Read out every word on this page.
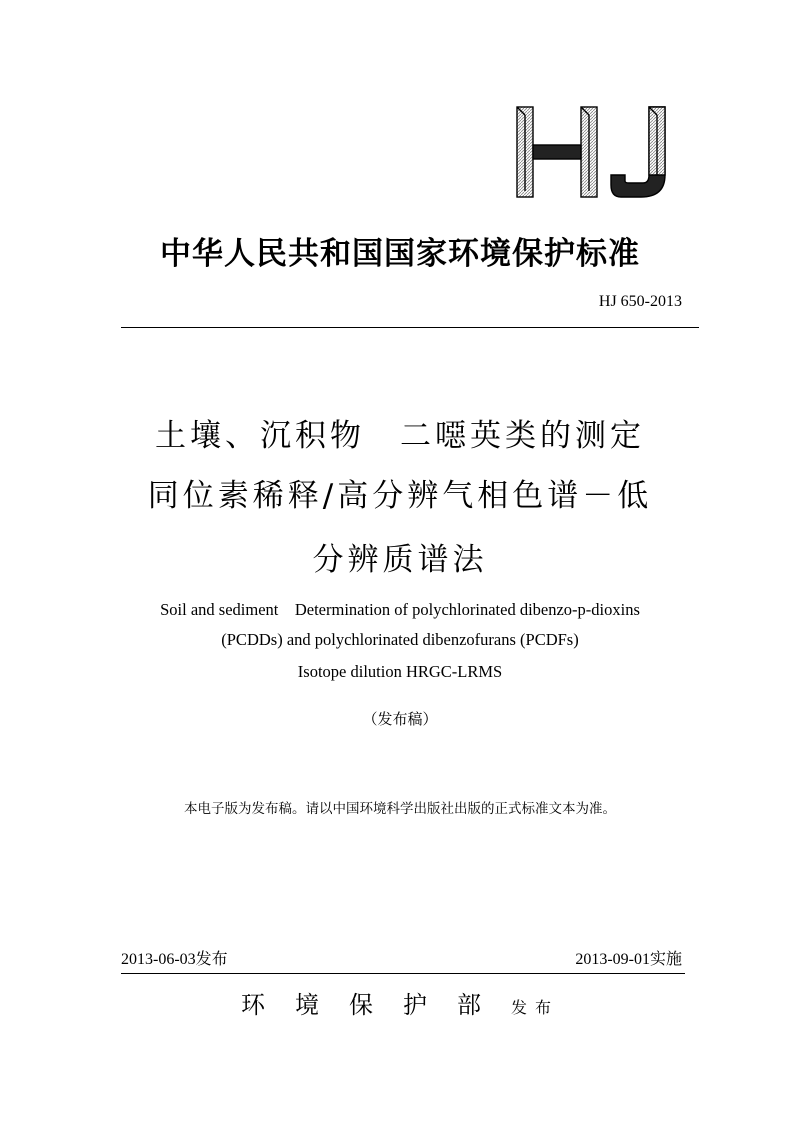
中华人民共和国国家环境保护标准
HJ 650-2013
土壤、沉积物　二噁英类的测定
同位素稀释/高分辨气相色谱－低
分辨质谱法
Soil and sediment　Determination of polychlorinated dibenzo-p-dioxins
(PCDDs) and polychlorinated dibenzofurans (PCDFs)
Isotope dilution HRGC-LRMS
（发布稿）
本电子版为发布稿。请以中国环境科学出版社出版的正式标准文本为准。
2013-06-03发布	2013-09-01实施
环境保护部发布
